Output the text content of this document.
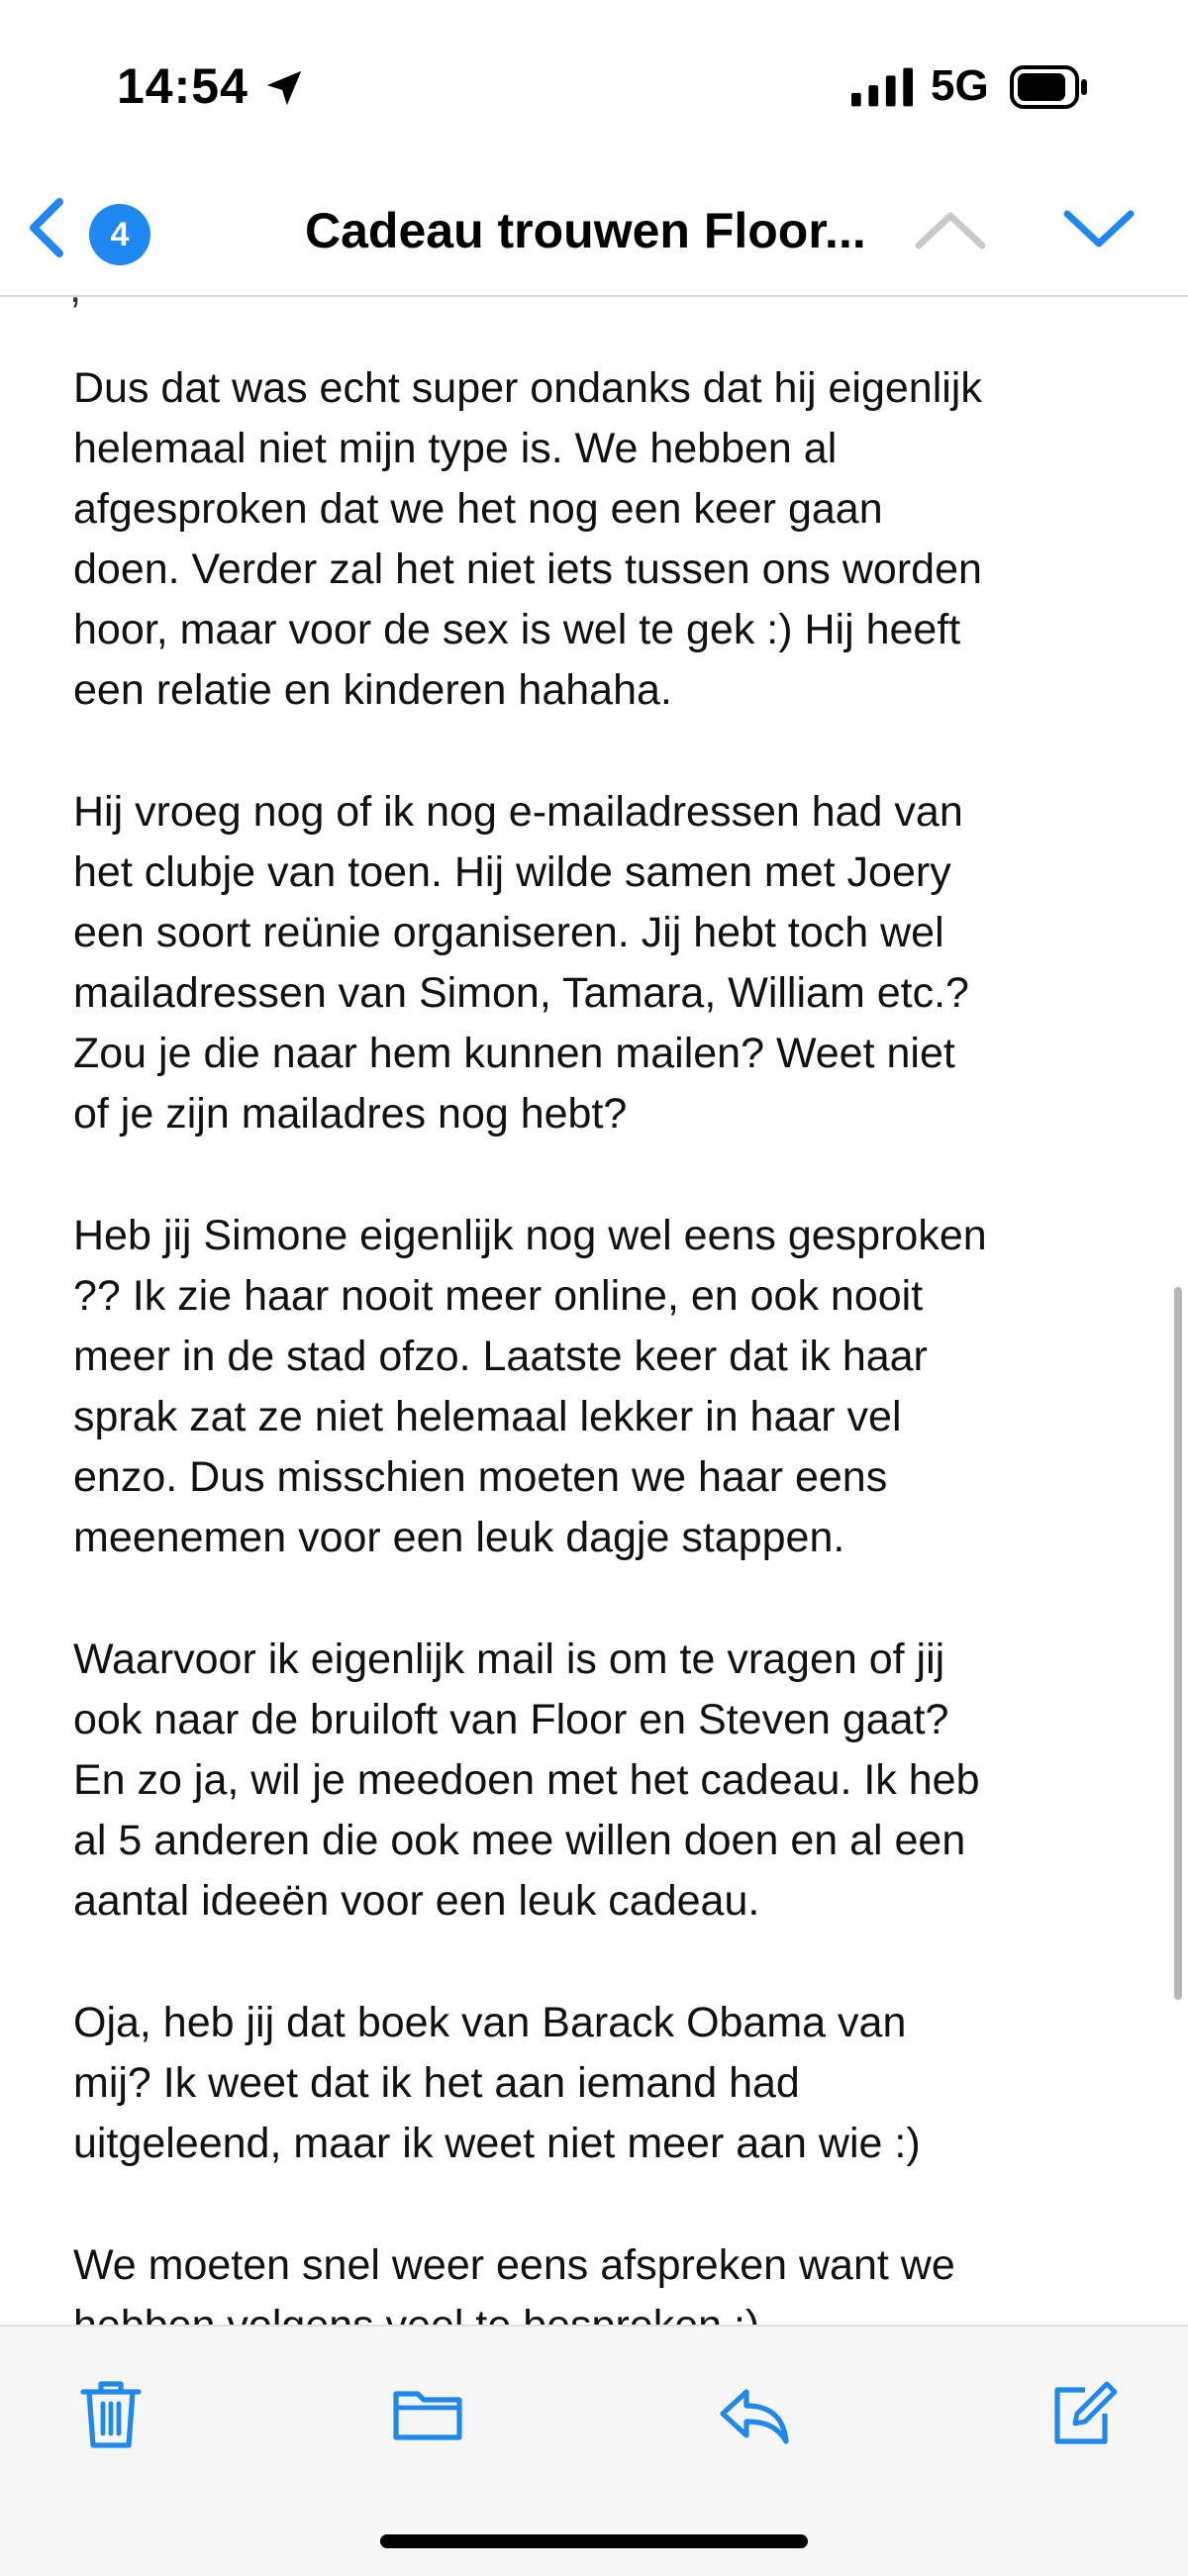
14:54	5G
4	Cadeau trouwen Floor...
,

Dus dat was echt super ondanks dat hij eigenlijk
helemaal niet mijn type is. We hebben al
afgesproken dat we het nog een keer gaan
doen. Verder zal het niet iets tussen ons worden
hoor, maar voor de sex is wel te gek :) Hij heeft
een relatie en kinderen hahaha.

Hij vroeg nog of ik nog e-mailadressen had van
het clubje van toen. Hij wilde samen met Joery
een soort reünie organiseren. Jij hebt toch wel
mailadressen van Simon, Tamara, William etc.?
Zou je die naar hem kunnen mailen? Weet niet
of je zijn mailadres nog hebt?

Heb jij Simone eigenlijk nog wel eens gesproken
?? Ik zie haar nooit meer online, en ook nooit
meer in de stad ofzo. Laatste keer dat ik haar
sprak zat ze niet helemaal lekker in haar vel
enzo. Dus misschien moeten we haar eens
meenemen voor een leuk dagje stappen.

Waarvoor ik eigenlijk mail is om te vragen of jij
ook naar de bruiloft van Floor en Steven gaat?
En zo ja, wil je meedoen met het cadeau. Ik heb
al 5 anderen die ook mee willen doen en al een
aantal ideeën voor een leuk cadeau.

Oja, heb jij dat boek van Barack Obama van
mij? Ik weet dat ik het aan iemand had
uitgeleend, maar ik weet niet meer aan wie :)

We moeten snel weer eens afspreken want we
